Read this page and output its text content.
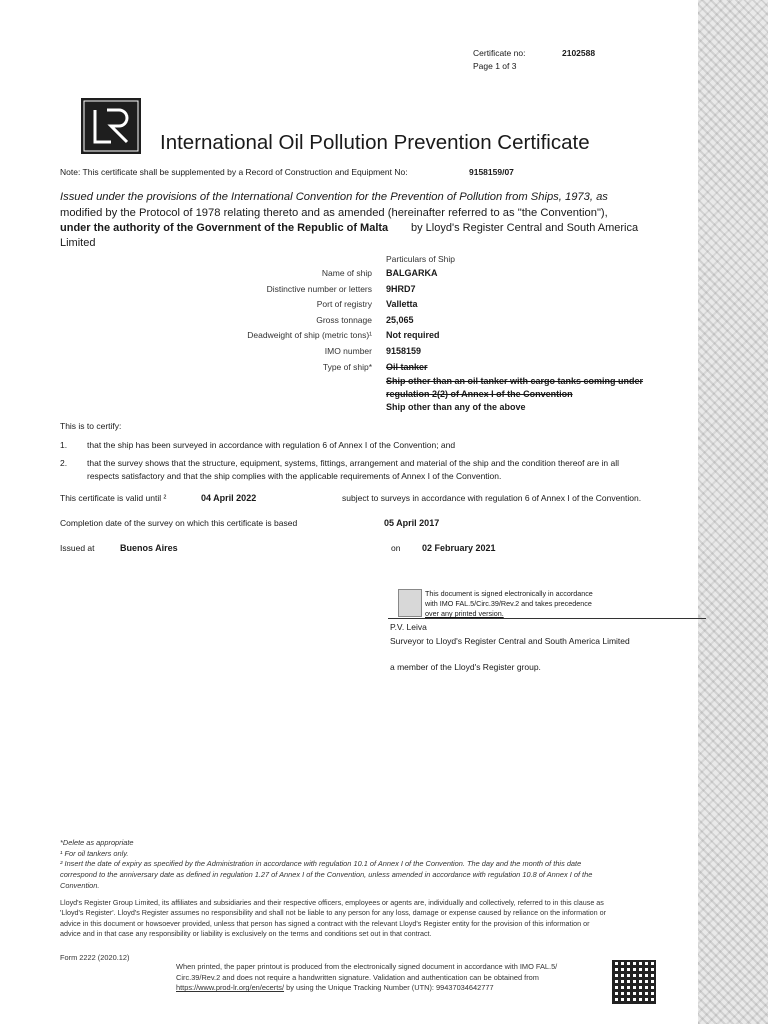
Certificate no:	2102588
Page 1 of 3
International Oil Pollution Prevention Certificate
Note: This certificate shall be supplemented by a Record of Construction and Equipment No:	9158159/07
Issued under the provisions of the International Convention for the Prevention of Pollution from Ships, 1973, as
modified by the Protocol of 1978 relating thereto and as amended (hereinafter referred to as "the Convention"),
under the authority of the Government of the Republic of Malta by Lloyd's Register Central and South America
Limited
Particulars of Ship
Name of ship BALGARKA
Distinctive number or letters 9HRD7
Port of registry Valletta
Gross tonnage 25,065
Deadweight of ship (metric tons)¹ Not required
IMO number 9158159
Type of ship* Oil tanker
Ship other than an oil tanker with cargo tanks coming under
regulation 2(2) of Annex I of the Convention
Ship other than any of the above
This is to certify:
1. that the ship has been surveyed in accordance with regulation 6 of Annex I of the Convention; and
2. that the survey shows that the structure, equipment, systems, fittings, arrangement and material of the ship and the condition thereof are in all
respects satisfactory and that the ship complies with the applicable requirements of Annex I of the Convention.
This certificate is valid until ²	04 April 2022	subject to surveys in accordance with regulation 6 of Annex I of the Convention.
Completion date of the survey on which this certificate is based	05 April 2017
Issued at	Buenos Aires	on 02 February 2021
This document is signed electronically in accordance
with IMO FAL.5/Circ.39/Rev.2 and takes precedence
over any printed version.
P.V. Leiva
Surveyor to Lloyd's Register Central and South America Limited
a member of the Lloyd's Register group.
*Delete as appropriate
¹ For oil tankers only.
² Insert the date of expiry as specified by the Administration in accordance with regulation 10.1 of Annex I of the Convention. The day and the month of this date
correspond to the anniversary date as defined in regulation 1.27 of Annex I of the Convention, unless amended in accordance with regulation 10.8 of Annex I of the
Convention.
Lloyd's Register Group Limited, its affiliates and subsidiaries and their respective officers, employees or agents are, individually and collectively, referred to in this clause as
'Lloyd's Register'. Lloyd's Register assumes no responsibility and shall not be liable to any person for any loss, damage or expense caused by reliance on the information or
advice in this document or howsoever provided, unless that person has signed a contract with the relevant Lloyd's Register entity for the provision of this information or
advice and in that case any responsibility or liability is exclusively on the terms and conditions set out in that contract.
Form 2222 (2020.12)
When printed, the paper printout is produced from the electronically signed document in accordance with IMO FAL.5/
Circ.39/Rev.2 and does not require a handwritten signature. Validation and authentication can be obtained from
https://www.prod-lr.org/en/ecerts/ by using the Unique Tracking Number (UTN): 99437034642777
